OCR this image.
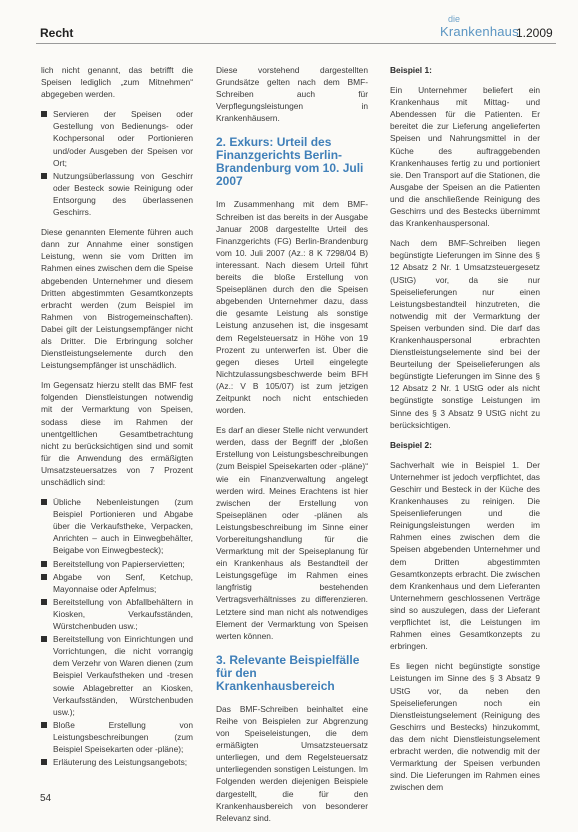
Recht
die
Krankenhaus
1.2009

lich nicht genannt, das betrifft die Speisen lediglich „zum Mitnehmen“ abgegeben werden.

Servieren der Speisen oder Gestellung von Bedienungs- oder Kochpersonal oder Portionieren und/oder Ausgeben der Speisen vor Ort;
Nutzungsüberlassung von Geschirr oder Besteck sowie Reinigung oder Entsorgung des überlassenen Geschirrs.

Diese genannten Elemente führen auch dann zur Annahme einer sonstigen Leistung, wenn sie vom Dritten im Rahmen eines zwischen dem die Speise abgebenden Unternehmer und diesem Dritten abgestimmten Gesamtkonzepts erbracht werden (zum Beispiel im Rahmen von Bistrogemeinschaften). Dabei gilt der Leistungsempfänger nicht als Dritter. Die Erbringung solcher Dienstleistungselemente durch den Leistungsempfänger ist unschädlich.

Im Gegensatz hierzu stellt das BMF fest folgenden Dienstleistungen notwendig mit der Vermarktung von Speisen, sodass diese im Rahmen der unentgeltlichen Gesamtbetrachtung nicht zu berücksichtigen sind und somit für die Anwendung des ermäßigten Umsatzsteuersatzes von 7 Prozent unschädlich sind:

Übliche Nebenleistungen (zum Beispiel Portionieren und Abgabe über die Verkaufstheke, Verpacken, Anrichten – auch in Einwegbehälter, Beigabe von Einwegbesteck);
Bereitstellung von Papierservietten;
Abgabe von Senf, Ketchup, Mayonnaise oder Apfelmus;
Bereitstellung von Abfallbehältern in Kiosken, Verkaufsständen, Würstchenbuden usw.;
Bereitstellung von Einrichtungen und Vorrichtungen, die nicht vorrangig dem Verzehr von Waren dienen (zum Beispiel Verkaufstheken und -tresen sowie Ablagebretter an Kiosken, Verkaufsständen, Würstchenbuden usw.);
Bloße Erstellung von Leistungsbeschreibungen (zum Beispiel Speisekarten oder -pläne);
Erläuterung des Leistungsangebots;

Diese vorstehend dargestellten Grundsätze gelten nach dem BMF-Schreiben auch für Verpflegungsleistungen in Krankenhäusern.

2. Exkurs: Urteil des Finanzgerichts Berlin-Brandenburg vom 10. Juli 2007

Im Zusammenhang mit dem BMF-Schreiben ist das bereits in der Ausgabe Januar 2008 dargestellte Urteil des Finanzgerichts (FG) Berlin-Brandenburg vom 10. Juli 2007 (Az.: 8 K 7298/04 B) interessant. Nach diesem Urteil führt bereits die bloße Erstellung von Speiseplänen durch den die Speisen abgebenden Unternehmer dazu, dass die gesamte Leistung als sonstige Leistung anzusehen ist, die insgesamt dem Regelsteuersatz in Höhe von 19 Prozent zu unterwerfen ist. Über die gegen dieses Urteil eingelegte Nichtzulassungsbeschwerde beim BFH (Az.: V B 105/07) ist zum jetzigen Zeitpunkt noch nicht entschieden worden.

Es darf an dieser Stelle nicht verwundert werden, dass der Begriff der „bloßen Erstellung von Leistungsbeschreibungen (zum Beispiel Speisekarten oder -pläne)“ wie ein Finanzverwaltung angelegt werden wird. Meines Erachtens ist hier zwischen der Erstellung von Speiseplänen oder -plänen als Leistungsbeschreibung im Sinne einer Vorbereitungshandlung für die Vermarktung mit der Speiseplanung für ein Krankenhaus als Bestandteil der Leistungsgefüge im Rahmen eines langfristig bestehenden Vertragsverhältnisses zu differenzieren. Letztere sind man nicht als notwendiges Element der Vermarktung von Speisen werten können.

3. Relevante Beispielfälle für den Krankenhausbereich

Das BMF-Schreiben beinhaltet eine Reihe von Beispielen zur Abgrenzung von Speiseleistungen, die dem ermäßigten Umsatzsteuersatz unterliegen, und dem Regelsteuersatz unterliegenden sonstigen Leistungen. Im Folgenden werden diejenigen Beispiele dargestellt, die für den Krankenhausbereich von besonderer Relevanz sind.

Beispiel 1:

Ein Unternehmer beliefert ein Krankenhaus mit Mittag- und Abendessen für die Patienten. Er bereitet die zur Lieferung angelieferten Speisen und Nahrungsmittel in der Küche des auftraggebenden Krankenhauses fertig zu und portioniert sie. Den Transport auf die Stationen, die Ausgabe der Speisen an die Patienten und die anschließende Reinigung des Geschirrs und des Bestecks übernimmt das Krankenhauspersonal.

Nach dem BMF-Schreiben liegen begünstigte Lieferungen im Sinne des § 12 Absatz 2 Nr. 1 Umsatzsteuergesetz (UStG) vor, da sie nur Speiselieferungen nur einen Leistungsbestandteil hinzutreten, die notwendig mit der Vermarktung der Speisen verbunden sind. Die darf das Krankenhauspersonal erbrachten Dienstleistungselemente sind bei der Beurteilung der Speiselieferungen als begünstigte Lieferungen im Sinne des § 12 Absatz 2 Nr. 1 UStG oder als nicht begünstigte sonstige Leistungen im Sinne des § 3 Absatz 9 UStG nicht zu berücksichtigen.

Beispiel 2:

Sachverhalt wie in Beispiel 1. Der Unternehmer ist jedoch verpflichtet, das Geschirr und Besteck in der Küche des Krankenhauses zu reinigen. Die Speisenlieferungen und die Reinigungsleistungen werden im Rahmen eines zwischen dem die Speisen abgebenden Unternehmer und dem Dritten abgestimmten Gesamtkonzepts erbracht. Die zwischen dem Krankenhaus und dem Lieferanten Unternehmern geschlossenen Verträge sind so auszulegen, dass der Lieferant verpflichtet ist, die Leistungen im Rahmen eines Gesamtkonzepts zu erbringen.

Es liegen nicht begünstigte sonstige Leistungen im Sinne des § 3 Absatz 9 UStG vor, da neben den Speiselieferungen noch ein Dienstleistungselement (Reinigung des Geschirrs und Bestecks) hinzukommt, das dem nicht Dienstleistungselement erbracht werden, die notwendig mit der Vermarktung der Speisen verbunden sind. Die Lieferungen im Rahmen eines zwischen dem

54
